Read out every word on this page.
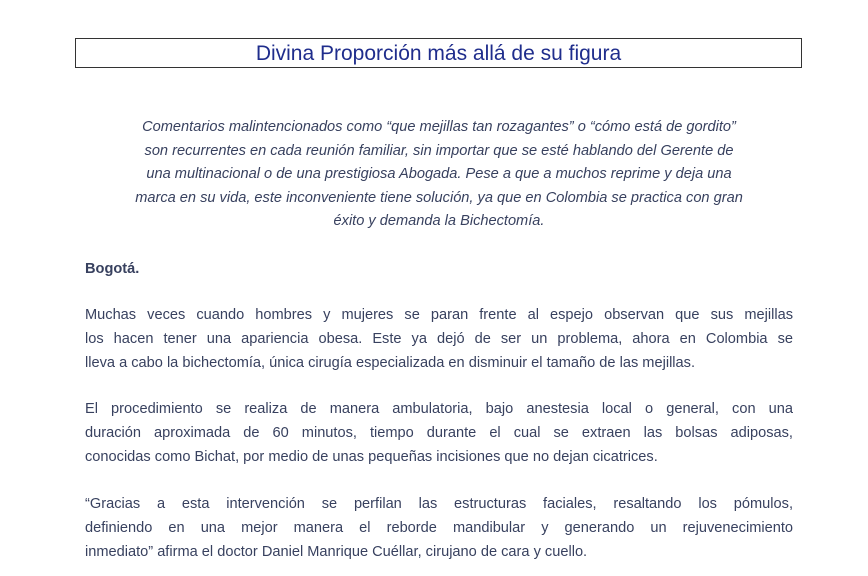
Divina Proporción más allá de su figura
Comentarios malintencionados como “que mejillas tan rozagantes” o “cómo está de gordito”
son recurrentes en cada reunión familiar, sin importar que se esté hablando del Gerente de
una multinacional o de una prestigiosa Abogada. Pese a que a muchos reprime y deja una
marca en su vida, este inconveniente tiene solución, ya que en Colombia se practica con gran
éxito y demanda la Bichectomía.

Bogotá.

Muchas veces cuando hombres y mujeres se paran frente al espejo observan que sus mejillas
los hacen tener una apariencia obesa. Este ya dejó de ser un problema, ahora en Colombia se
lleva a cabo la bichectomía, única cirugía especializada en disminuir el tamaño de las mejillas.
El procedimiento se realiza de manera ambulatoria, bajo anestesia local o general, con una
duración aproximada de 60 minutos, tiempo durante el cual se extraen las bolsas adiposas,
conocidas como Bichat, por medio de unas pequeñas incisiones que no dejan cicatrices.
“Gracias a esta intervención se perfilan las estructuras faciales, resaltando los pómulos,
definiendo en una mejor manera el reborde mandibular y generando un rejuvenecimiento
inmediato” afirma el doctor Daniel Manrique Cuéllar, cirujano de cara y cuello.
